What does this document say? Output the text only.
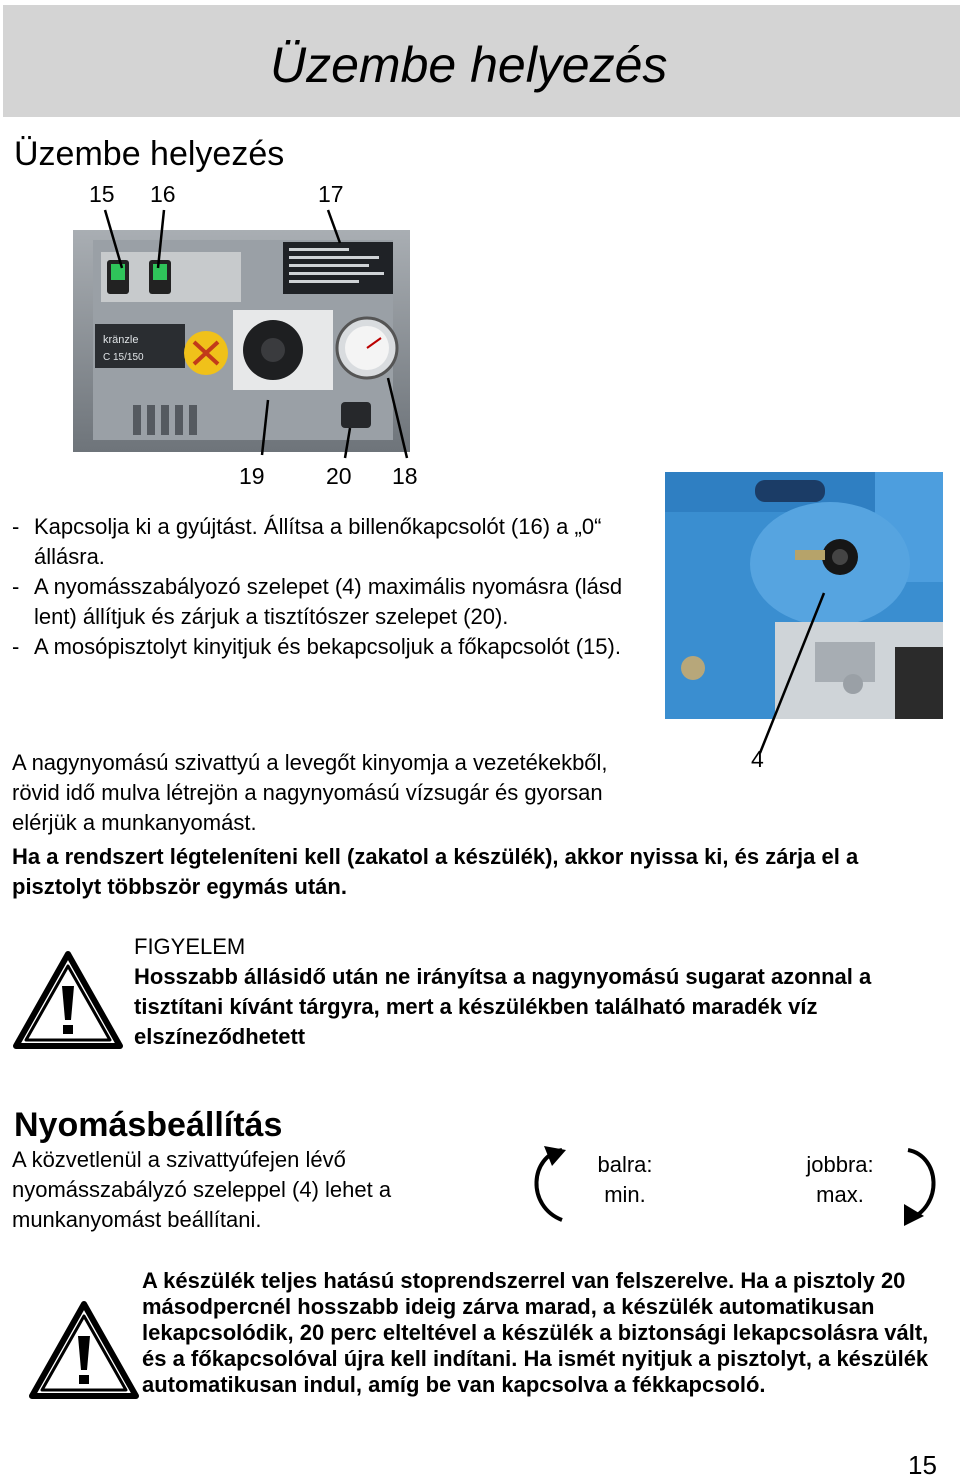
Üzembe helyezés
Üzembe helyezés
15 16	17
kränzle
C 15/150
19	20 18
- Kapcsolja ki a gyújtást. Állítsa a billenőkapcsolót (16) a „0“ állásra.
- A nyomásszabályozó szelepet (4) maximális nyomásra (lásd lent) állítjuk és zárjuk a tisztítószer szelepet (20).
- A mosópisztolyt kinyitjuk és bekapcsoljuk a főkapcsolót (15).
4
A nagynyomású szivattyú a levegőt kinyomja a vezetékekből, rövid idő mulva létrejön a nagynyomású vízsugár és gyorsan elérjük a munkanyomást.
Ha a rendszert légteleníteni kell (zakatol a készülék), akkor nyissa ki, és zárja el a pisztolyt többször egymás után.
FIGYELEM
Hosszabb állásidő után ne irányítsa a nagynyomású sugarat azonnal a tisztítani kívánt tárgyra, mert a készülékben található maradék víz elszíneződhetett
Nyomásbeállítás
A közvetlenül a szivattyúfejen lévő nyomásszabályzó szeleppel (4) lehet a munkanyomást beállítani.
balra:
min.
jobbra:
max.
A készülék teljes hatású stoprendszerrel van felszerelve. Ha a pisztoly 20 másodpercnél hosszabb ideig zárva marad, a készülék automatikusan lekapcsolódik, 20 perc elteltével a készülék a biztonsági lekapcsolásra vált, és a főkapcsolóval újra kell indítani. Ha ismét nyitjuk a pisztolyt, a készülék automatikusan indul, amíg be van kapcsolva a fékkapcsoló.
15
